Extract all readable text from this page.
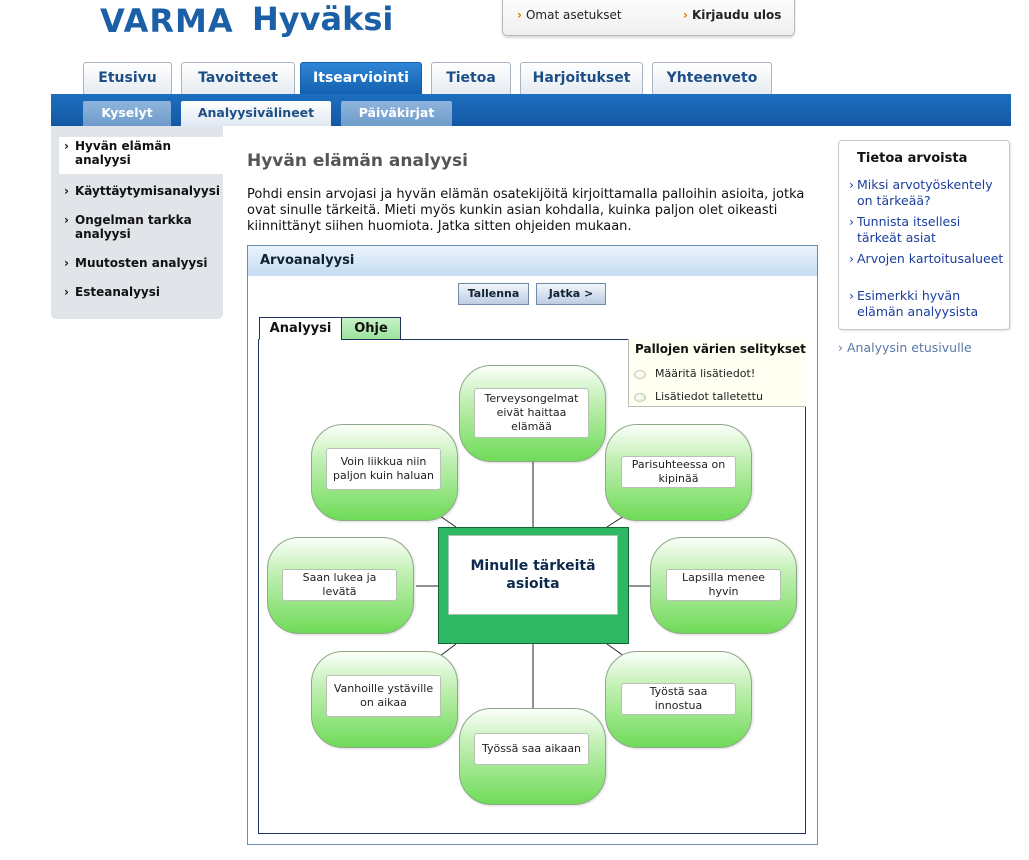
VARMA Hyväksi	› Omat asetukset	› Kirjaudu ulos
Etusivu	Tavoitteet	Itsearviointi	Tietoa	Harjoitukset	Yhteenveto
Kyselyt	Analyysivälineet	Päiväkirjat
› Hyvän elämän analyysi
› Käyttäytymisanalyysi
› Ongelman tarkka analyysi
› Muutosten analyysi
› Esteanalyysi
Hyvän elämän analyysi
Pohdi ensin arvojasi ja hyvän elämän osatekijöitä kirjoittamalla palloihin asioita, jotka ovat sinulle tärkeitä. Mieti myös kunkin asian kohdalla, kuinka paljon olet oikeasti kiinnittänyt siihen huomiota. Jatka sitten ohjeiden mukaan.
Arvoanalyysi
Tallenna	Jatka >
Analyysi	Ohje
Pallojen värien selitykset
Määritä lisätiedot!
Lisätiedot talletettu
Minulle tärkeitä asioita
Terveysongelmat eivät haittaa elämää
Parisuhteessa on kipinää
Lapsilla menee hyvin
Työstä saa innostua
Työssä saa aikaan
Vanhoille ystäville on aikaa
Saan lukea ja levätä
Voin liikkua niin paljon kuin haluan
Tietoa arvoista
› Miksi arvotyöskentely on tärkeää?
› Tunnista itsellesi tärkeät asiat
› Arvojen kartoitusalueet
› Esimerkki hyvän elämän analyysista
› Analyysin etusivulle
